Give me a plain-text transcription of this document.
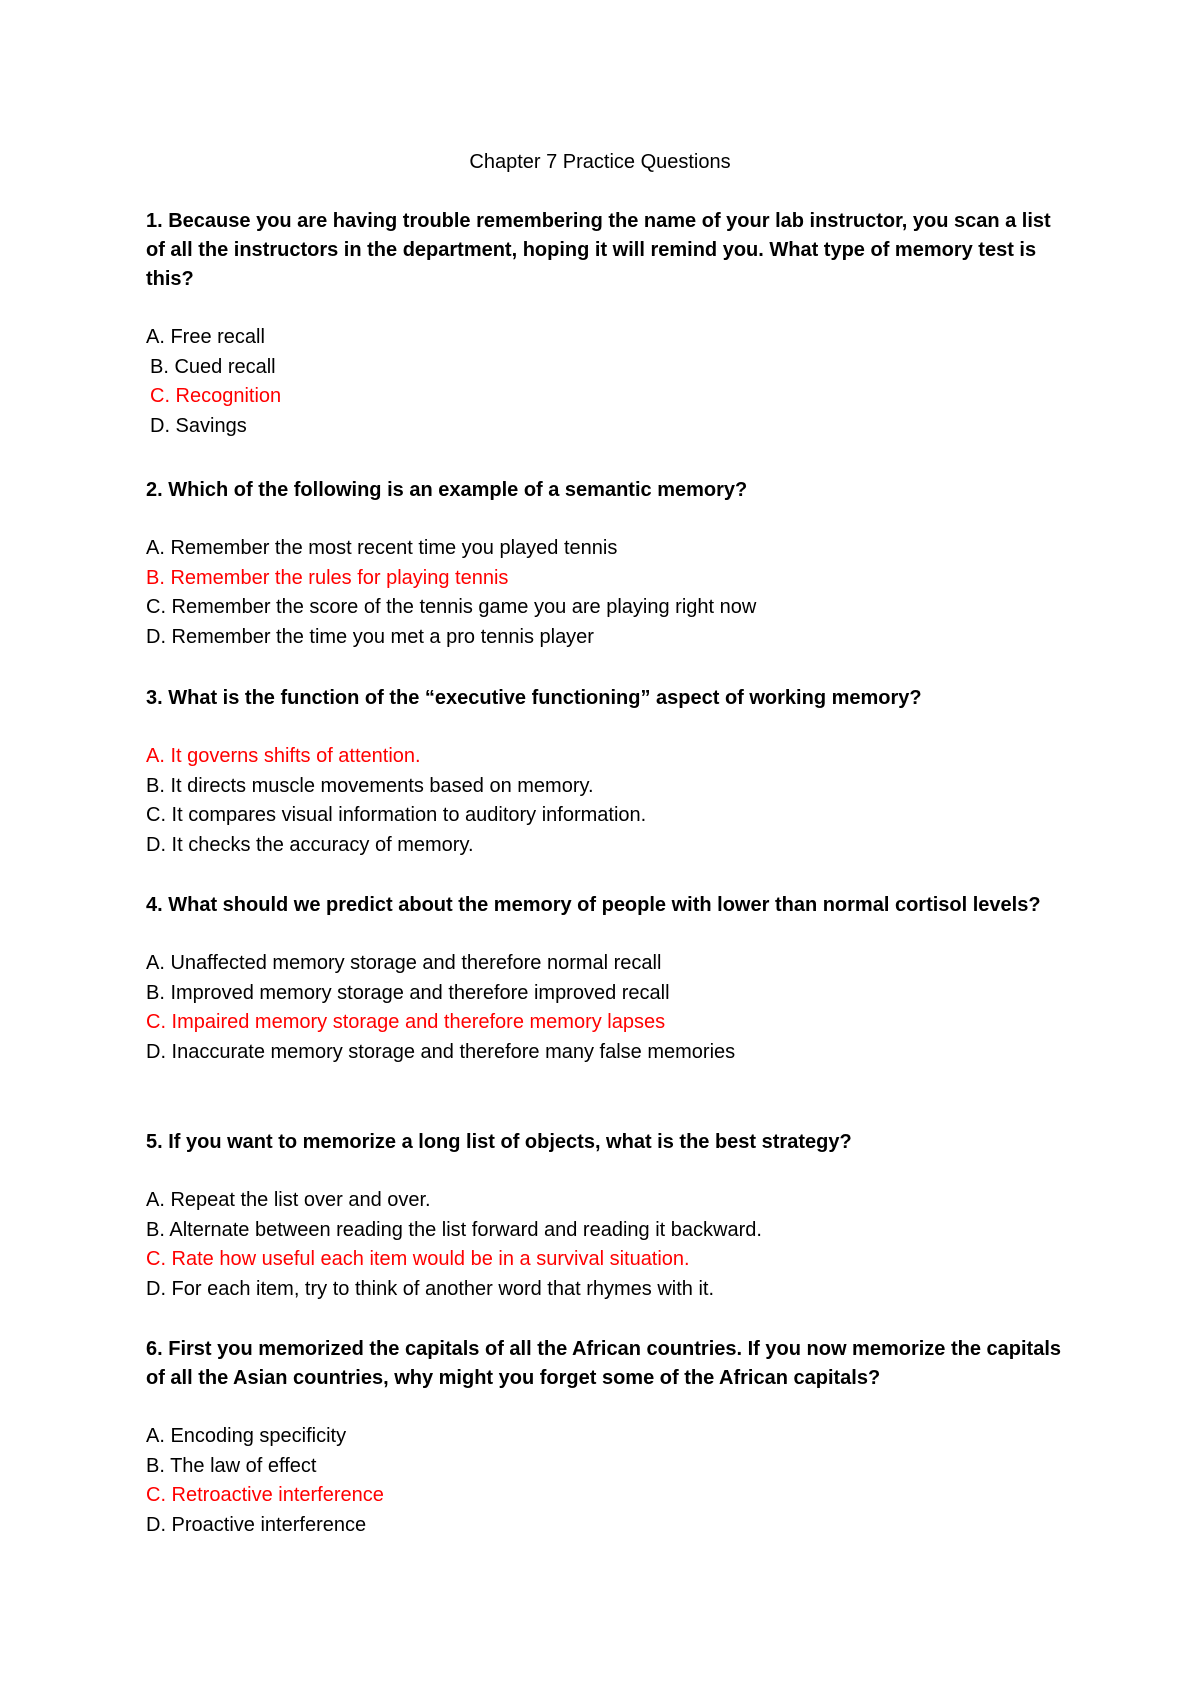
Chapter 7 Practice Questions

1. Because you are having trouble remembering the name of your lab instructor, you scan a list of all the instructors in the department, hoping it will remind you. What type of memory test is this?

A. Free recall

B. Cued recall

C. Recognition

D. Savings

2. Which of the following is an example of a semantic memory?

A. Remember the most recent time you played tennis

B. Remember the rules for playing tennis

C. Remember the score of the tennis game you are playing right now

D. Remember the time you met a pro tennis player

3. What is the function of the “executive functioning” aspect of working memory?

A. It governs shifts of attention.

B. It directs muscle movements based on memory.

C. It compares visual information to auditory information.

D. It checks the accuracy of memory.

4. What should we predict about the memory of people with lower than normal cortisol levels?

A. Unaffected memory storage and therefore normal recall

B. Improved memory storage and therefore improved recall

C. Impaired memory storage and therefore memory lapses

D. Inaccurate memory storage and therefore many false memories

5. If you want to memorize a long list of objects, what is the best strategy?

A. Repeat the list over and over.

B. Alternate between reading the list forward and reading it backward.

C. Rate how useful each item would be in a survival situation.

D. For each item, try to think of another word that rhymes with it.

6. First you memorized the capitals of all the African countries. If you now memorize the capitals of all the Asian countries, why might you forget some of the African capitals?

A. Encoding specificity

B. The law of effect

C. Retroactive interference

D. Proactive interference
